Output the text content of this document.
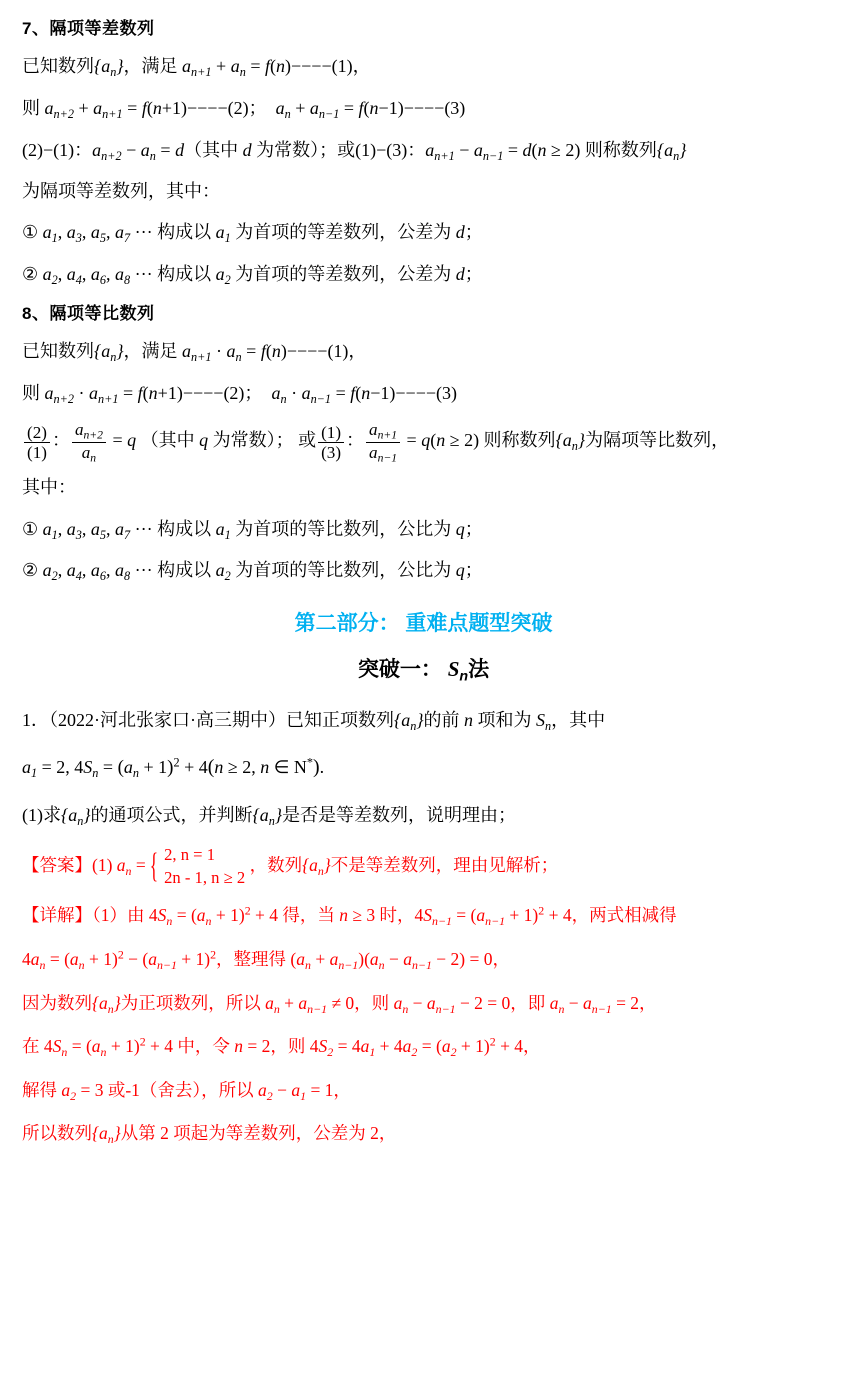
7、隔项等差数列
已知数列$\{a_n\}$，满足 $a_{n+1} + a_n = f(n)----(1)$，
则 $a_{n+2} + a_{n+1} = f(n+1)----(2)$；  $a_n + a_{n-1} = f(n-1)----(3)$
(2)−(1)：$a_{n+2} - a_n = d$（其中 d 为常数）；或(1)−(3)：$a_{n+1} - a_{n-1} = d(n \ge 2)$ 则称数列$\{a_n\}$
为隔项等差数列，其中：
① $a_1$, $a_3$, $a_5$, $a_7$ ··· 构成以 $a_1$ 为首项的等差数列，公差为 d；
② $a_2$, $a_4$, $a_6$, $a_8$ ··· 构成以 $a_2$ 为首项的等差数列，公差为 d；
8、隔项等比数列
已知数列$\{a_n\}$，满足 $a_{n+1} \cdot a_n = f(n)----(1)$，
则 $a_{n+2} \cdot a_{n+1} = f(n+1)----(2)$；  $a_n \cdot a_{n-1} = f(n-1)----(3)$
$\frac{(2)}{(1)}$ ： $\frac{a_{n+2}}{a_n} = q$ （其中 q 为常数）； 或 $\frac{(1)}{(3)}$ ： $\frac{a_{n+1}}{a_{n-1}} = q(n \ge 2)$ 则称数列$\{a_n\}$为隔项等比数列，
其中：
① $a_1$, $a_3$, $a_5$, $a_7$ ··· 构成以 $a_1$ 为首项的等比数列，公比为 q；
② $a_2$, $a_4$, $a_6$, $a_8$ ··· 构成以 $a_2$ 为首项的等比数列，公比为 q；
第二部分： 重难点题型突破
突破一： $S_n$法
1．（2022·河北张家口·高三期中）已知正项数列$\{a_n\}$的前 n 项和为 $S_n$，其中
$a_1 = 2$, $4S_n = (a_n + 1)^2 + 4(n \ge 2$, n ∈ N*).
(1)求$\{a_n\}$的通项公式，并判断$\{a_n\}$是否是等差数列，说明理由；
【答案】(1) $a_n$ = { 2, n = 1
2n - 1, n ≥ 2
，数列$\{a_n\}$不是等差数列，理由见解析；
【详解】（1）由 $4S_n = (a_n + 1)^2 + 4$ 得，当 n ≥ 3 时，$4S_{n-1} = (a_{n-1} + 1)^2 + 4$，两式相减得
$4a_n = (a_n + 1)^2 - (a_{n-1} + 1)^2$，整理得 $(a_n + a_{n-1})(a_n - a_{n-1} - 2) = 0$，
因为数列$\{a_n\}$为正项数列，所以 $a_n + a_{n-1} \ne 0$，则 $a_n - a_{n-1} - 2 = 0$，即 $a_n - a_{n-1} = 2$，
在 $4S_n = (a_n + 1)^2 + 4$ 中，令 n = 2，则 $4S_2 = 4a_1 + 4a_2 = (a_2 + 1)^2 + 4$，
解得 $a_2 = 3$ 或-1（舍去），所以 $a_2 - a_1 = 1$，
所以数列$\{a_n\}$从第 2 项起为等差数列，公差为 2，
